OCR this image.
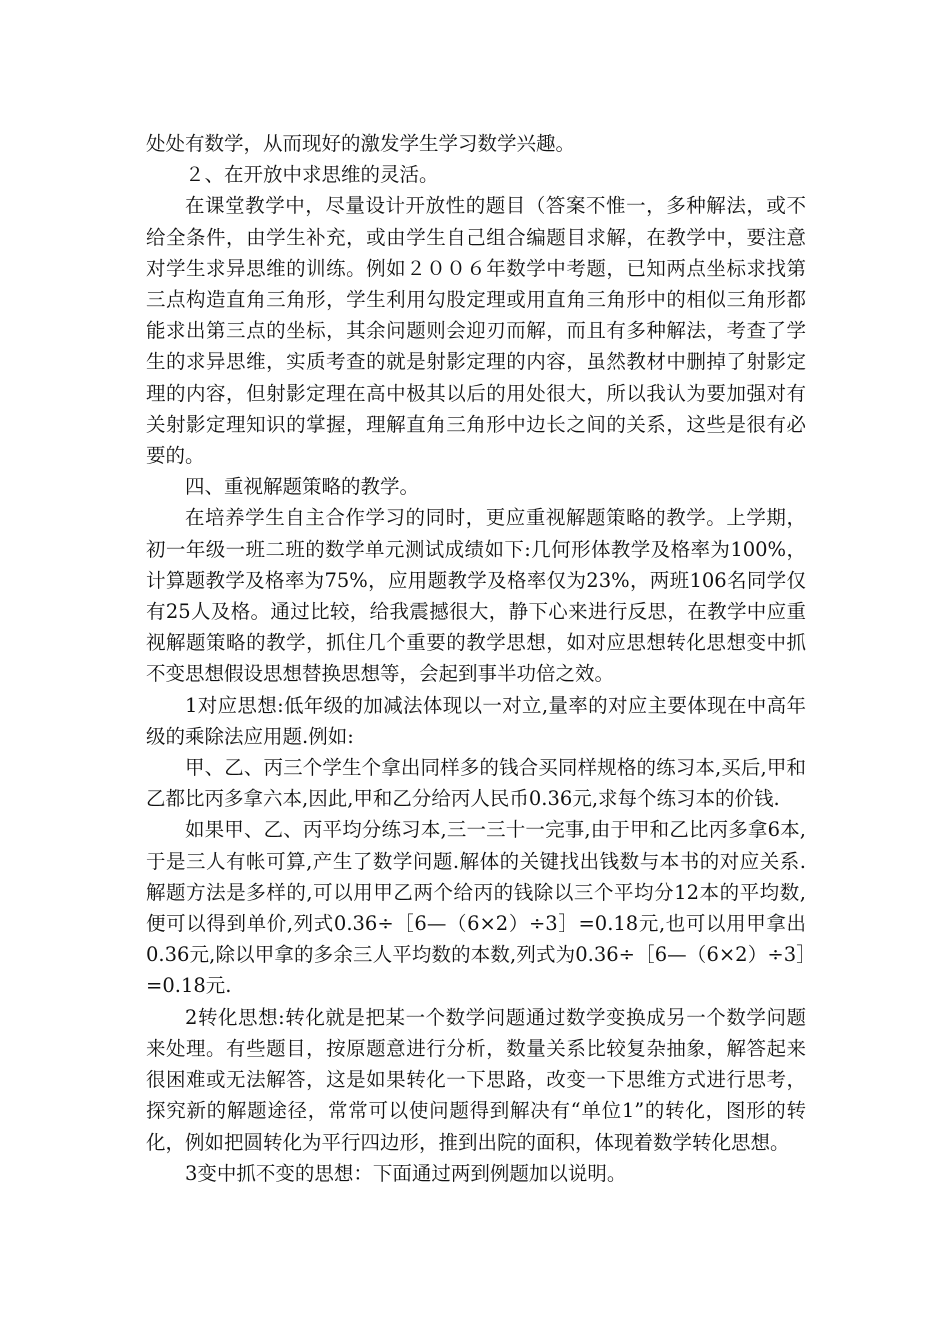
处处有数学，从而现好的激发学生学习数学兴趣。

２、在开放中求思维的灵活。

在课堂教学中，尽量设计开放性的题目（答案不惟一，多种解法，或不给全条件，由学生补充，或由学生自己组合编题目求解，在教学中，要注意对学生求异思维的训练。例如２００６年数学中考题，已知两点坐标求找第三点构造直角三角形，学生利用勾股定理或用直角三角形中的相似三角形都能求出第三点的坐标，其余问题则会迎刃而解，而且有多种解法，考查了学生的求异思维，实质考查的就是射影定理的内容，虽然教材中删掉了射影定理的内容，但射影定理在高中极其以后的用处很大，所以我认为要加强对有关射影定理知识的掌握，理解直角三角形中边长之间的关系，这些是很有必要的。

四、重视解题策略的教学。

在培养学生自主合作学习的同时，更应重视解题策略的教学。上学期，初一年级一班二班的数学单元测试成绩如下:几何形体教学及格率为100%，计算题教学及格率为75%，应用题教学及格率仅为23%，两班106名同学仅有25人及格。通过比较，给我震撼很大，静下心来进行反思，在教学中应重视解题策略的教学，抓住几个重要的教学思想，如对应思想转化思想变中抓不变思想假设思想替换思想等，会起到事半功倍之效。

1对应思想:低年级的加减法体现以一对立,量率的对应主要体现在中高年级的乘除法应用题.例如:

甲、乙、丙三个学生个拿出同样多的钱合买同样规格的练习本,买后,甲和乙都比丙多拿六本,因此,甲和乙分给丙人民币0.36元,求每个练习本的价钱.

如果甲、乙、丙平均分练习本,三一三十一完事,由于甲和乙比丙多拿6本,于是三人有帐可算,产生了数学问题.解体的关键找出钱数与本书的对应关系.解题方法是多样的,可以用甲乙两个给丙的钱除以三个平均分12本的平均数,便可以得到单价,列式0.36÷［6—（6×2）÷3］=0.18元,也可以用甲拿出0.36元,除以甲拿的多余三人平均数的本数,列式为0.36÷［6—（6×2）÷3］=0.18元.

2转化思想:转化就是把某一个数学问题通过数学变换成另一个数学问题来处理。有些题目，按原题意进行分析，数量关系比较复杂抽象，解答起来很困难或无法解答，这是如果转化一下思路，改变一下思维方式进行思考，探究新的解题途径，常常可以使问题得到解决有“单位1”的转化，图形的转化，例如把圆转化为平行四边形，推到出院的面积，体现着数学转化思想。

3变中抓不变的思想：下面通过两到例题加以说明。
